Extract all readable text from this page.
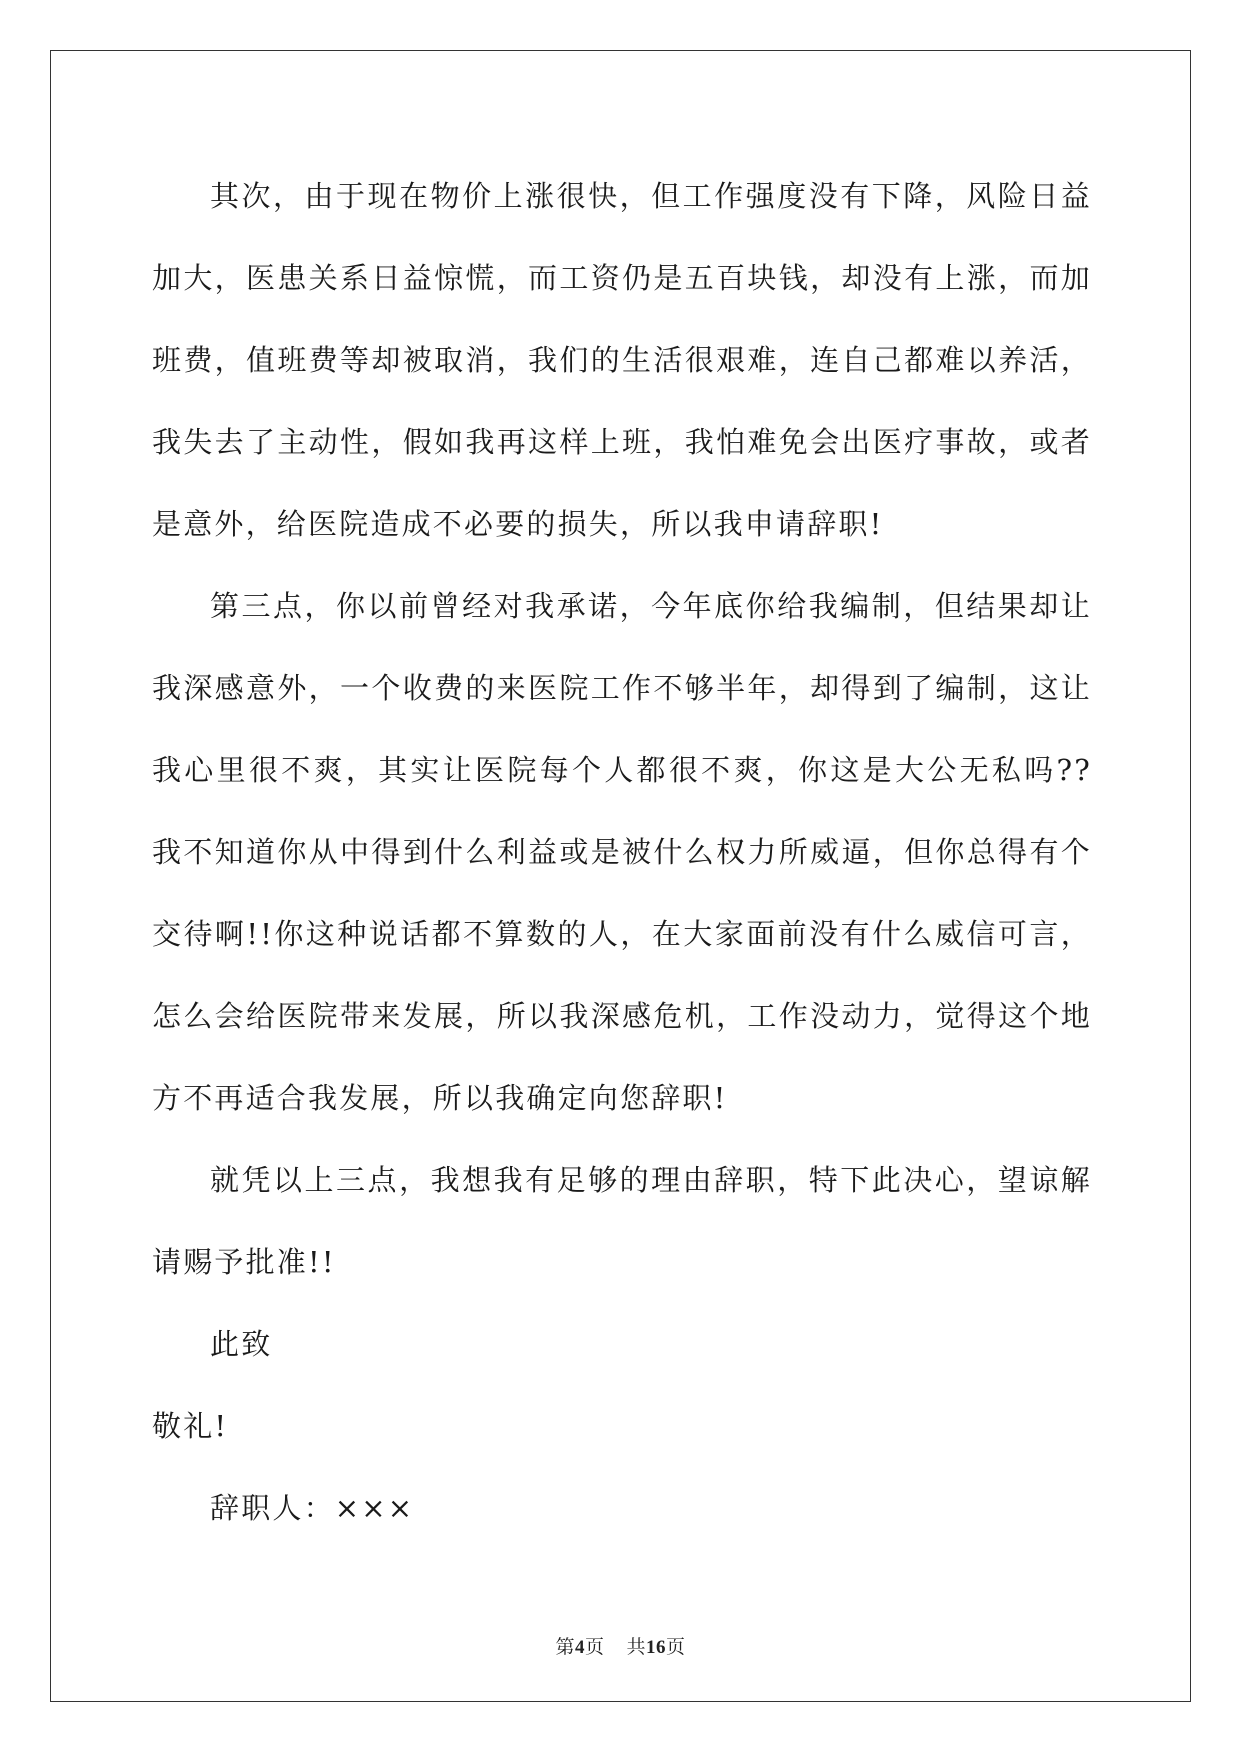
其次，由于现在物价上涨很快，但工作强度没有下降，风险日益加大，医患关系日益惊慌，而工资仍是五百块钱，却没有上涨，而加班费，值班费等却被取消，我们的生活很艰难，连自己都难以养活，我失去了主动性，假如我再这样上班，我怕难免会出医疗事故，或者是意外，给医院造成不必要的损失，所以我申请辞职!

第三点，你以前曾经对我承诺，今年底你给我编制，但结果却让我深感意外，一个收费的来医院工作不够半年，却得到了编制，这让我心里很不爽，其实让医院每个人都很不爽，你这是大公无私吗??我不知道你从中得到什么利益或是被什么权力所威逼，但你总得有个交待啊!!你这种说话都不算数的人，在大家面前没有什么威信可言，怎么会给医院带来发展，所以我深感危机，工作没动力，觉得这个地方不再适合我发展，所以我确定向您辞职!

就凭以上三点，我想我有足够的理由辞职，特下此决心，望谅解请赐予批准!!

此致

敬礼!

辞职人：×××

第4页 共16页
